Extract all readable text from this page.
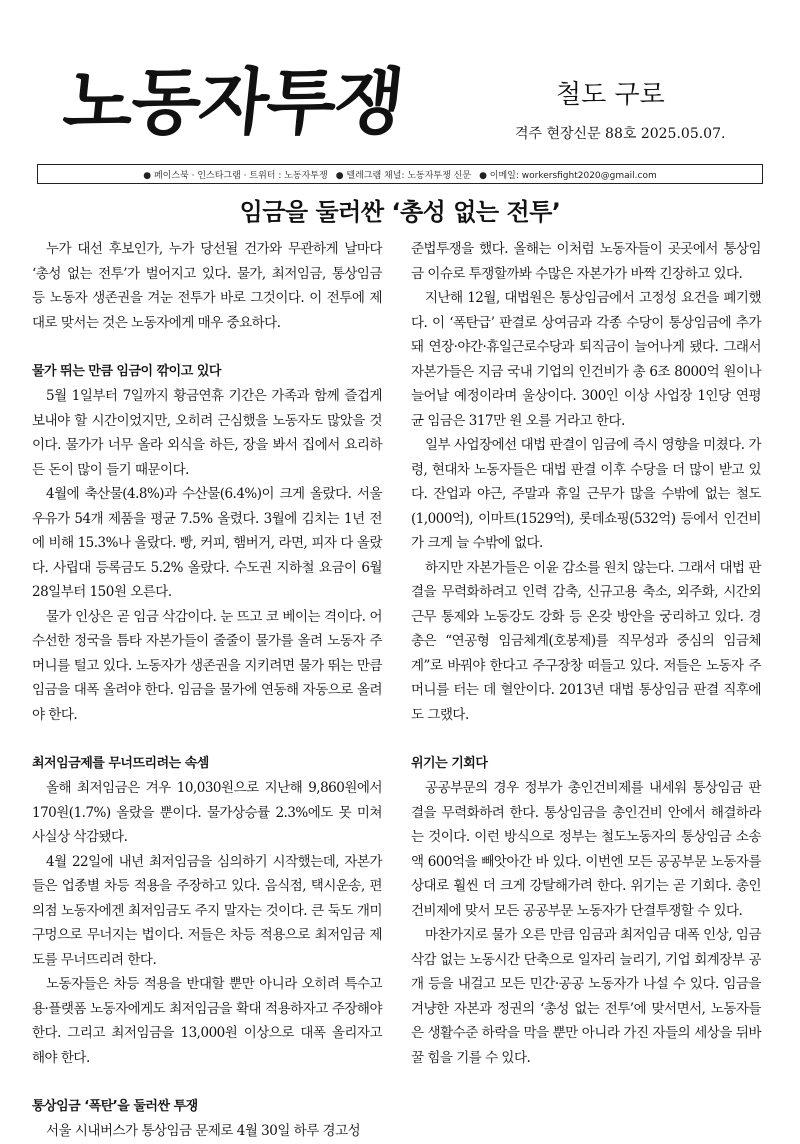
노동자투쟁	철도 구로
격주 현장신문 88호 2025.05.07.
● 페이스북 · 인스타그램 · 트위터 : 노동자투쟁 ● 텔레그램 채널: 노동자투쟁 신문 ● 이메일: workersfight2020@gmail.com
임금을 둘러싼 ‘총성 없는 전투’

누가 대선 후보인가, 누가 당선될 건가와 무관하게 날마다 ‘총성 없는 전투’가 벌어지고 있다. 물가, 최저임금, 통상임금 등 노동자 생존권을 겨눈 전투가 바로 그것이다. 이 전투에 제대로 맞서는 것은 노동자에게 매우 중요하다.

물가 뛰는 만큼 임금이 깎이고 있다

5월 1일부터 7일까지 황금연휴 기간은 가족과 함께 즐겁게 보내야 할 시간이었지만, 오히려 근심했을 노동자도 많았을 것이다. 물가가 너무 올라 외식을 하든, 장을 봐서 집에서 요리하든 돈이 많이 들기 때문이다.

4월에 축산물(4.8%)과 수산물(6.4%)이 크게 올랐다. 서울우유가 54개 제품을 평균 7.5% 올렸다. 3월에 김치는 1년 전에 비해 15.3%나 올랐다. 빵, 커피, 햄버거, 라면, 피자 다 올랐다. 사립대 등록금도 5.2% 올랐다. 수도권 지하철 요금이 6월 28일부터 150원 오른다.

물가 인상은 곧 임금 삭감이다. 눈 뜨고 코 베이는 격이다. 어수선한 정국을 틈타 자본가들이 줄줄이 물가를 올려 노동자 주머니를 털고 있다. 노동자가 생존권을 지키려면 물가 뛰는 만큼 임금을 대폭 올려야 한다. 임금을 물가에 연동해 자동으로 올려야 한다.

최저임금제를 무너뜨리려는 속셈

올해 최저임금은 겨우 10,030원으로 지난해 9,860원에서 170원(1.7%) 올랐을 뿐이다. 물가상승률 2.3%에도 못 미쳐 사실상 삭감됐다.

4월 22일에 내년 최저임금을 심의하기 시작했는데, 자본가들은 업종별 차등 적용을 주장하고 있다. 음식점, 택시운송, 편의점 노동자에겐 최저임금도 주지 말자는 것이다. 큰 둑도 개미구멍으로 무너지는 법이다. 저들은 차등 적용으로 최저임금 제도를 무너뜨리려 한다.

노동자들은 차등 적용을 반대할 뿐만 아니라 오히려 특수고용·플랫폼 노동자에게도 최저임금을 확대 적용하자고 주장해야 한다. 그리고 최저임금을 13,000원 이상으로 대폭 올리자고 해야 한다.

통상임금 ‘폭탄’을 둘러싼 투쟁

서울 시내버스가 통상임금 문제로 4월 30일 하루 경고성

준법투쟁을 했다. 올해는 이처럼 노동자들이 곳곳에서 통상임금 이슈로 투쟁할까봐 수많은 자본가가 바짝 긴장하고 있다.

지난해 12월, 대법원은 통상임금에서 고정성 요건을 폐기했다. 이 ‘폭탄급’ 판결로 상여금과 각종 수당이 통상임금에 추가돼 연장·야간·휴일근로수당과 퇴직금이 늘어나게 됐다. 그래서 자본가들은 지금 국내 기업의 인건비가 총 6조 8000억 원이나 늘어날 예정이라며 울상이다. 300인 이상 사업장 1인당 연평균 임금은 317만 원 오를 거라고 한다.

일부 사업장에선 대법 판결이 임금에 즉시 영향을 미쳤다. 가령, 현대차 노동자들은 대법 판결 이후 수당을 더 많이 받고 있다. 잔업과 야근, 주말과 휴일 근무가 많을 수밖에 없는 철도(1,000억), 이마트(1529억), 롯데쇼핑(532억) 등에서 인건비가 크게 늘 수밖에 없다.

하지만 자본가들은 이윤 감소를 원치 않는다. 그래서 대법 판결을 무력화하려고 인력 감축, 신규고용 축소, 외주화, 시간외 근무 통제와 노동강도 강화 등 온갖 방안을 궁리하고 있다. 경총은 “연공형 임금체계(호봉제)를 직무성과 중심의 임금체계”로 바꿔야 한다고 주구장창 떠들고 있다. 저들은 노동자 주머니를 터는 데 혈안이다. 2013년 대법 통상임금 판결 직후에도 그랬다.

위기는 기회다

공공부문의 경우 정부가 총인건비제를 내세워 통상임금 판결을 무력화하려 한다. 통상임금을 총인건비 안에서 해결하라는 것이다. 이런 방식으로 정부는 철도노동자의 통상임금 소송액 600억을 빼앗아간 바 있다. 이번엔 모든 공공부문 노동자를 상대로 훨씬 더 크게 강탈해가려 한다. 위기는 곧 기회다. 총인건비제에 맞서 모든 공공부문 노동자가 단결투쟁할 수 있다.

마찬가지로 물가 오른 만큼 임금과 최저임금 대폭 인상, 임금삭감 없는 노동시간 단축으로 일자리 늘리기, 기업 회계장부 공개 등을 내걸고 모든 민간·공공 노동자가 나설 수 있다. 임금을 겨냥한 자본과 정권의 ‘총성 없는 전투’에 맞서면서, 노동자들은 생활수준 하락을 막을 뿐만 아니라 가진 자들의 세상을 뒤바꿀 힘을 기를 수 있다.
